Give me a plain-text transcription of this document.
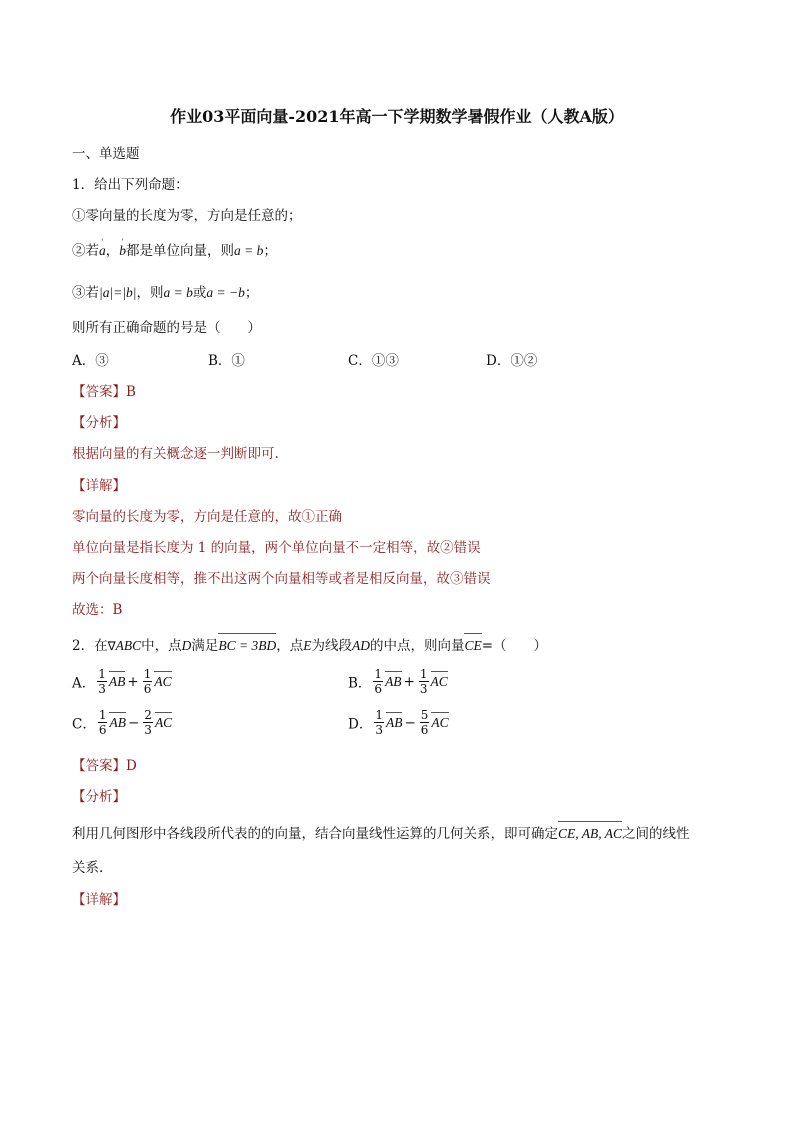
作业03平面向量-2021年高一下学期数学暑假作业（人教A版）
一、单选题
1．给出下列命题：
①零向量的长度为零，方向是任意的；
②若' a，' b都是单位向量，则a = b；
③若|a|=|b|，则a = b或a = −b；
则所有正确命题的号是（　　）
A．③	B．①	C．①③	D．①②
【答案】B
【分析】
根据向量的有关概念逐一判断即可.
【详解】
零向量的长度为零，方向是任意的，故①正确
单位向量是指长度为 1 的向量，两个单位向量不一定相等，故②错误
两个向量长度相等，推不出这两个向量相等或者是相反向量，故③错误
故选：B
2．在∇ABC中，点D满足BC = 3BD，点E为线段AD的中点，则向量CE=（　　）
A． $\frac{1}{3}$ AB + $\frac{1}{6}$ AC	B． $\frac{1}{6}$ AB + $\frac{1}{3}$ AC
C． $\frac{1}{6}$ AB − $\frac{2}{3}$ AC	D． $\frac{1}{3}$ AB − $\frac{5}{6}$ AC
【答案】D
【分析】
利用几何图形中各线段所代表的的向量，结合向量线性运算的几何关系，即可确定CE, AB, AC之间的线性
关系.
【详解】
